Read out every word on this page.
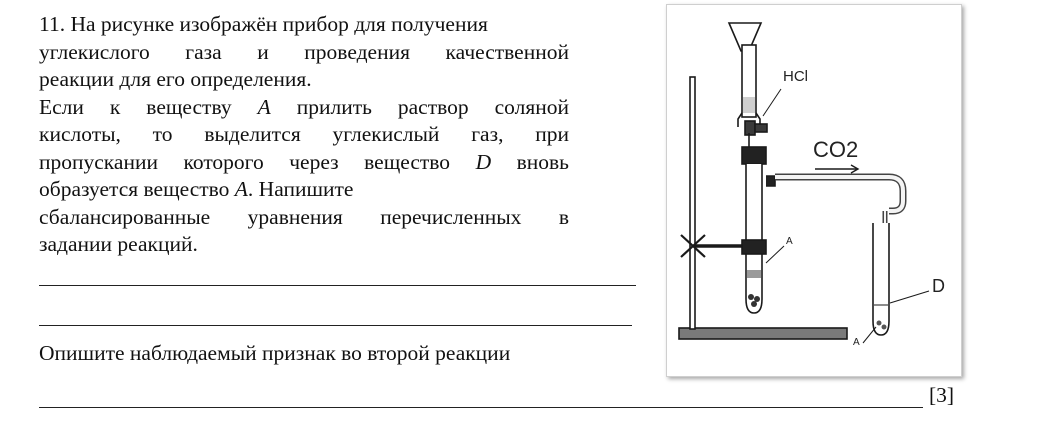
11. На рисунке изображён прибор для получения

углекислого газа и проведения качественной

реакции для его определения.

Если к веществу A прилить раствор соляной

кислоты, то выделится углекислый газ, при

пропускании которого через вещество D вновь

образуется вещество A. Напишите

сбалансированные уравнения перечисленных в

задании реакций.

Опишите наблюдаемый признак во второй реакции
[3]
HCl
CO2
A
D
A
